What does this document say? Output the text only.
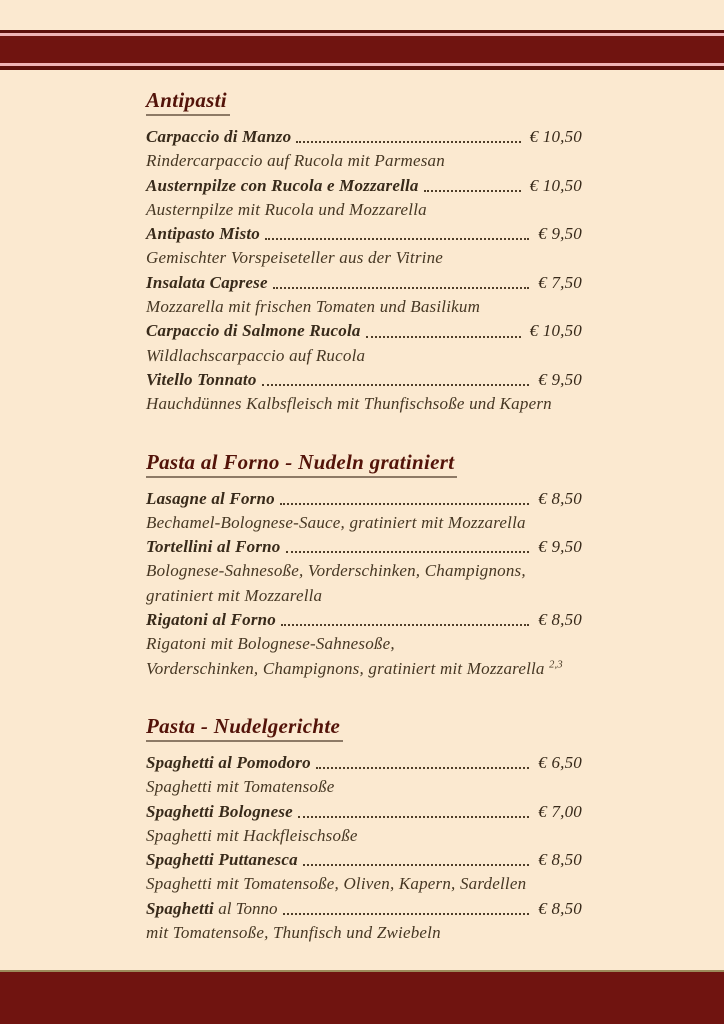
Antipasti
Carpaccio di Manzo	€ 10,50
Rindercarpaccio auf Rucola mit Parmesan
Austernpilze con Rucola e Mozzarella	€ 10,50
Austernpilze mit Rucola und Mozzarella
Antipasto Misto	€ 9,50
Gemischter Vorspeiseteller aus der Vitrine
Insalata Caprese	€ 7,50
Mozzarella mit frischen Tomaten und Basilikum
Carpaccio di Salmone Rucola	€ 10,50
Wildlachscarpaccio auf Rucola
Vitello Tonnato	€ 9,50
Hauchdünnes Kalbsfleisch mit Thunfischsoße und Kapern
Pasta al Forno - Nudeln gratiniert
Lasagne al Forno	€ 8,50
Bechamel-Bolognese-Sauce, gratiniert mit Mozzarella
Tortellini al Forno	€ 9,50
Bolognese-Sahnesoße, Vorderschinken, Champignons,
gratiniert mit Mozzarella
Rigatoni al Forno	€ 8,50
Rigatoni mit Bolognese-Sahnesoße,
Vorderschinken, Champignons, gratiniert mit Mozzarella $^{2,3}$
Pasta - Nudelgerichte
Spaghetti al Pomodoro	€ 6,50
Spaghetti mit Tomatensoße
Spaghetti Bolognese	€ 7,00
Spaghetti mit Hackfleischsoße
Spaghetti Puttanesca	€ 8,50
Spaghetti mit Tomatensoße, Oliven, Kapern, Sardellen
Spaghetti al Tonno	€ 8,50
mit Tomatensoße, Thunfisch und Zwiebeln
